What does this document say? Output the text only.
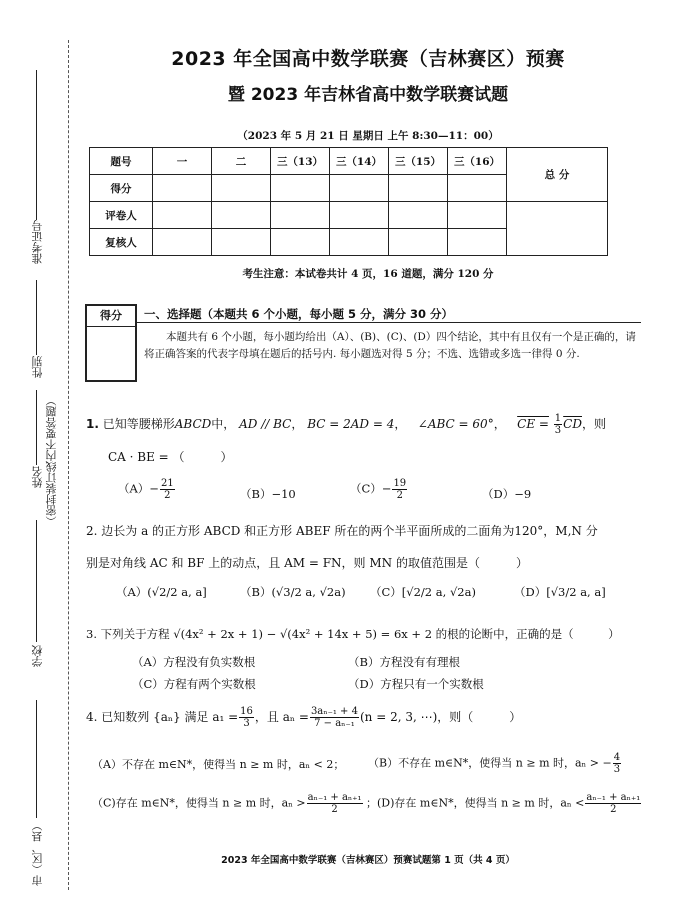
准考证号
性别
姓名 （密封装订线内不要答题）
学校
市（区、县）
2023 年全国高中数学联赛（吉林赛区）预赛
暨 2023 年吉林省高中数学联赛试题
（2023 年 5 月 21 日 星期日 上午 8:30—11：00）
题号	一	二	三（13）	三（14）	三（15）	三（16）	总 分
得分							
评卷人							
复核人							
考生注意：本试卷共计 4 页，16 道题，满分 120 分
得分	一、选择题（本题共 6 个小题，每小题 5 分，满分 30 分）
本题共有 6 个小题，每小题均给出（A）、(B)、(C)、(D）四个结论，其中有且仅有一个是正确的，请将正确答案的代表字母填在题后的括号内. 每小题选对得 5 分；不选、选错或多选一律得 0 分.
1. 已知等腰梯形ABCD中， AD // BC， BC = 2AD = 4，   ∠ABC = 60°，   CE = $\frac{1}{3} \overline{CD}$，则
CA · BE = （　　　）
$(A)- \frac{21}{2}$	（B）−10	$(C)- \frac{19}{2}$	（D）−9
2. 边长为 a 的正方形 ABCD 和正方形 ABEF 所在的两个半平面所成的二面角为120°，M,N 分
别是对角线 AC 和 BF 上的动点，且 AM = FN，则 MN 的取值范围是（　　　）
（A）(√2/2 a, a]	（B）(√3/2 a, √2a) （C）[√2/2 a, √2a)	（D）[√3/2 a, a]
3. 下列关于方程 √(4x² + 2x + 1) − √(4x² + 14x + 5) = 6x + 2 的根的论断中，正确的是（　　　）
（A）方程没有负实数根	（B）方程没有有理根
（C）方程有两个实数根	（D）方程只有一个实数根
4. 已知数列 {aₙ} 满足 $a_1 = \frac{16}{3}$ ，且 $a_n = \frac{\text{3aₙ₋₁ + 4}}{\text{7 − aₙ₋₁}} (n = 2$, 3, ⋯)，则（　　　）
（A）不存在 m∈N*，使得当 n ≥ m 时，aₙ < 2； （B）不存在 m∈N*，使得当 n ≥ m 时，aₙ > − $\frac{4}{3}$
（C)存在 m∈N*，使得当 n ≥ m 时，$a_n > \frac{\text{aₙ₋₁ + aₙ₊₁}}{2}$ ；(D)存在 m∈N*，使得当 n ≥ m 时，$a_n < \frac{\text{aₙ₋₁ + aₙ₊₁}}{2}$
2023 年全国高中数学联赛（吉林赛区）预赛试题第 1 页（共 4 页）
